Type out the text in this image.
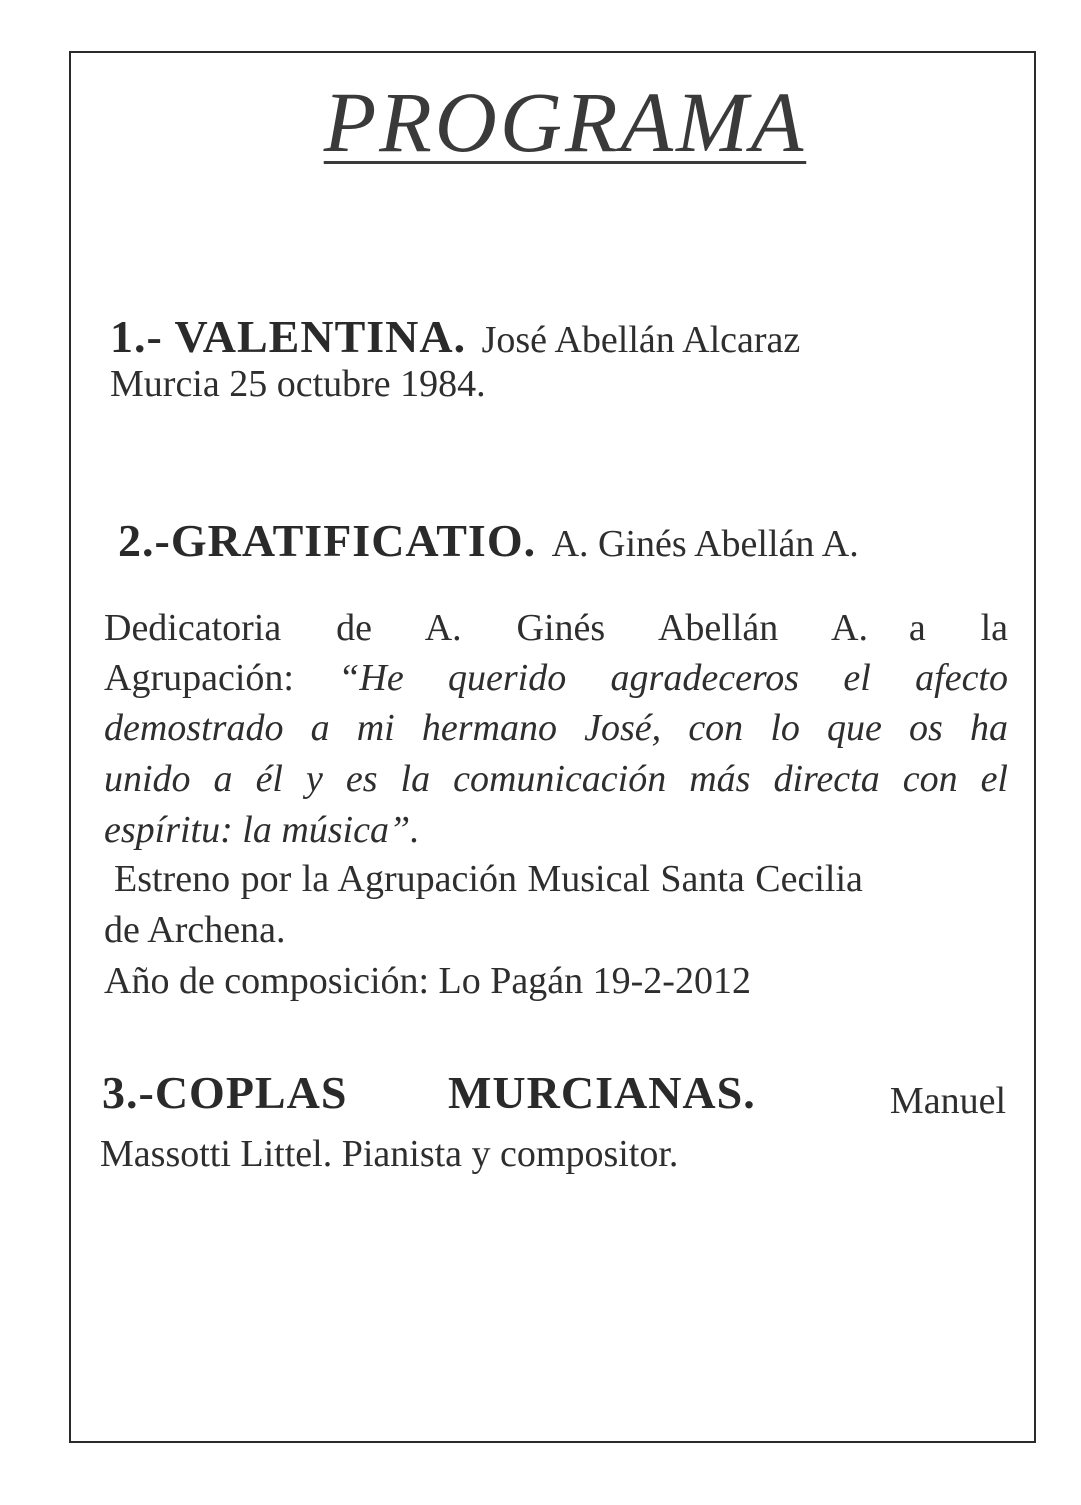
PROGRAMA
1.- VALENTINA. José Abellán Alcaraz
Murcia 25 octubre 1984.
2.-GRATIFICATIO. A. Ginés Abellán A.
Dedicatoria de A. Ginés Abellán A. a la
Agrupación: “He querido agradeceros el afecto
demostrado a mi hermano José, con lo que os ha
unido a él y es la comunicación más directa con el
espíritu: la música”.
Estreno por la Agrupación Musical Santa Cecilia
de Archena.
Año de composición: Lo Pagán 19-2-2012
3.-COPLAS MURCIANAS.	Manuel
Massotti Littel. Pianista y compositor.
